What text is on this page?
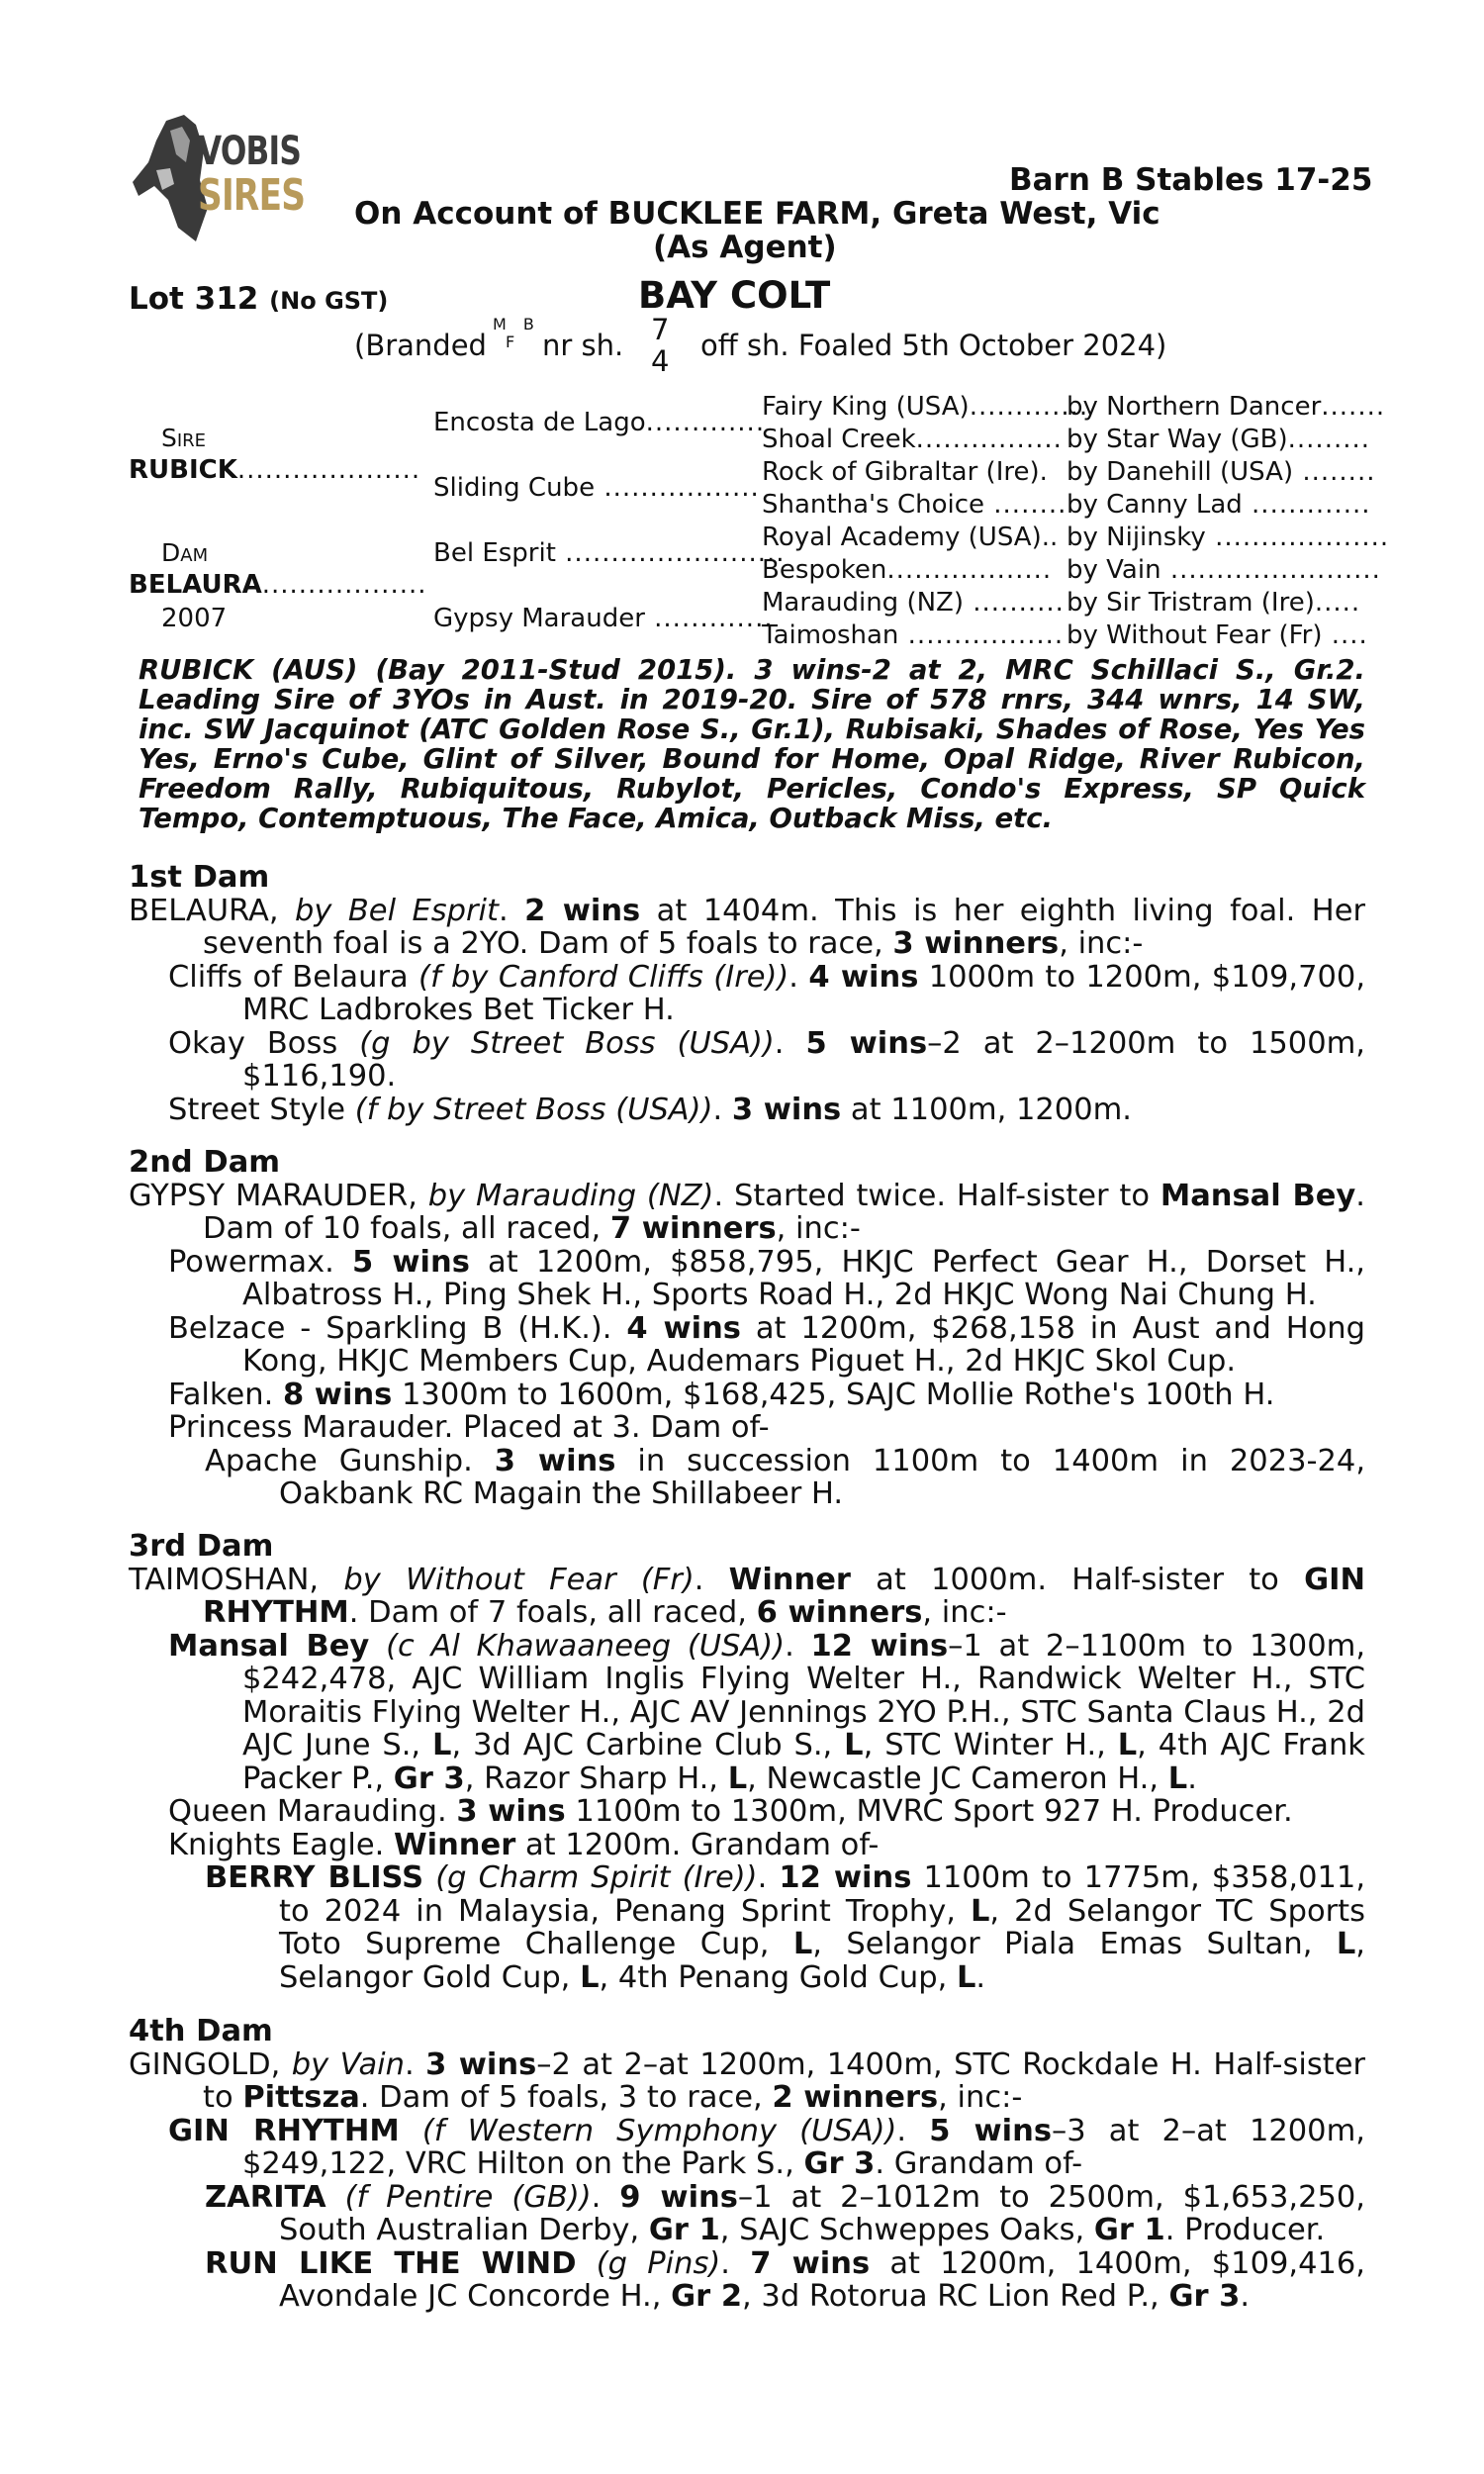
VOBIS
SIRES	Barn B Stables 17-25
On Account of BUCKLEE FARM, Greta West, Vic
(As Agent)
Lot 312 (No GST)	BAY COLT
(Branded
M B
F nr sh. 7
4 off sh. Foaled 5th October 2024)
Sire
RUBICK....................
Dam
BELAURA..................
2007
Encosta de Lago.............
Sliding Cube .................
Bel Esprit ........................
Gypsy Marauder .............
Fairy King (USA).............
Shoal Creek................
Rock of Gibraltar (Ire).
Shantha's Choice ........
Royal Academy (USA)..
Bespoken..................
Marauding (NZ) ..........
Taimoshan .................
by Northern Dancer.......
by Star Way (GB).........
by Danehill (USA) ........
by Canny Lad .............
by Nijinsky ...................
by Vain .......................
by Sir Tristram (Ire).....
by Without Fear (Fr) ....
RUBICK (AUS) (Bay 2011-Stud 2015). 3 wins-2 at 2, MRC Schillaci S., Gr.2. Leading Sire of 3YOs in Aust. in 2019-20. Sire of 578 rnrs, 344 wnrs, 14 SW, inc. SW Jacquinot (ATC Golden Rose S., Gr.1), Rubisaki, Shades of Rose, Yes Yes Yes, Erno's Cube, Glint of Silver, Bound for Home, Opal Ridge, River Rubicon, Freedom Rally, Rubiquitous, Rubylot, Pericles, Condo's Express, SP Quick Tempo, Contemptuous, The Face, Amica, Outback Miss, etc.
1st Dam
BELAURA, by Bel Esprit. 2 wins at 1404m. This is her eighth living foal. Her seventh foal is a 2YO. Dam of 5 foals to race, 3 winners, inc:-
Cliffs of Belaura (f by Canford Cliffs (Ire)). 4 wins 1000m to 1200m, $109,700, MRC Ladbrokes Bet Ticker H.
Okay Boss (g by Street Boss (USA)). 5 wins–2 at 2–1200m to 1500m, $116,190.
Street Style (f by Street Boss (USA)). 3 wins at 1100m, 1200m.
2nd Dam
GYPSY MARAUDER, by Marauding (NZ). Started twice. Half-sister to Mansal Bey. Dam of 10 foals, all raced, 7 winners, inc:-
Powermax. 5 wins at 1200m, $858,795, HKJC Perfect Gear H., Dorset H., Albatross H., Ping Shek H., Sports Road H., 2d HKJC Wong Nai Chung H.
Belzace - Sparkling B (H.K.). 4 wins at 1200m, $268,158 in Aust and Hong Kong, HKJC Members Cup, Audemars Piguet H., 2d HKJC Skol Cup.
Falken. 8 wins 1300m to 1600m, $168,425, SAJC Mollie Rothe's 100th H.
Princess Marauder. Placed at 3. Dam of-
Apache Gunship. 3 wins in succession 1100m to 1400m in 2023-24, Oakbank RC Magain the Shillabeer H.
3rd Dam
TAIMOSHAN, by Without Fear (Fr). Winner at 1000m. Half-sister to GIN RHYTHM. Dam of 7 foals, all raced, 6 winners, inc:-
Mansal Bey (c Al Khawaaneeg (USA)). 12 wins–1 at 2–1100m to 1300m, $242,478, AJC William Inglis Flying Welter H., Randwick Welter H., STC Moraitis Flying Welter H., AJC AV Jennings 2YO P.H., STC Santa Claus H., 2d AJC June S., L, 3d AJC Carbine Club S., L, STC Winter H., L, 4th AJC Frank Packer P., Gr 3, Razor Sharp H., L, Newcastle JC Cameron H., L.
Queen Marauding. 3 wins 1100m to 1300m, MVRC Sport 927 H. Producer.
Knights Eagle. Winner at 1200m. Grandam of-
BERRY BLISS (g Charm Spirit (Ire)). 12 wins 1100m to 1775m, $358,011, to 2024 in Malaysia, Penang Sprint Trophy, L, 2d Selangor TC Sports Toto Supreme Challenge Cup, L, Selangor Piala Emas Sultan, L, Selangor Gold Cup, L, 4th Penang Gold Cup, L.
4th Dam
GINGOLD, by Vain. 3 wins–2 at 2–at 1200m, 1400m, STC Rockdale H. Half-sister to Pittsza. Dam of 5 foals, 3 to race, 2 winners, inc:-
GIN RHYTHM (f Western Symphony (USA)). 5 wins–3 at 2–at 1200m, $249,122, VRC Hilton on the Park S., Gr 3. Grandam of-
ZARITA (f Pentire (GB)). 9 wins–1 at 2–1012m to 2500m, $1,653,250, South Australian Derby, Gr 1, SAJC Schweppes Oaks, Gr 1. Producer.
RUN LIKE THE WIND (g Pins). 7 wins at 1200m, 1400m, $109,416, Avondale JC Concorde H., Gr 2, 3d Rotorua RC Lion Red P., Gr 3.
